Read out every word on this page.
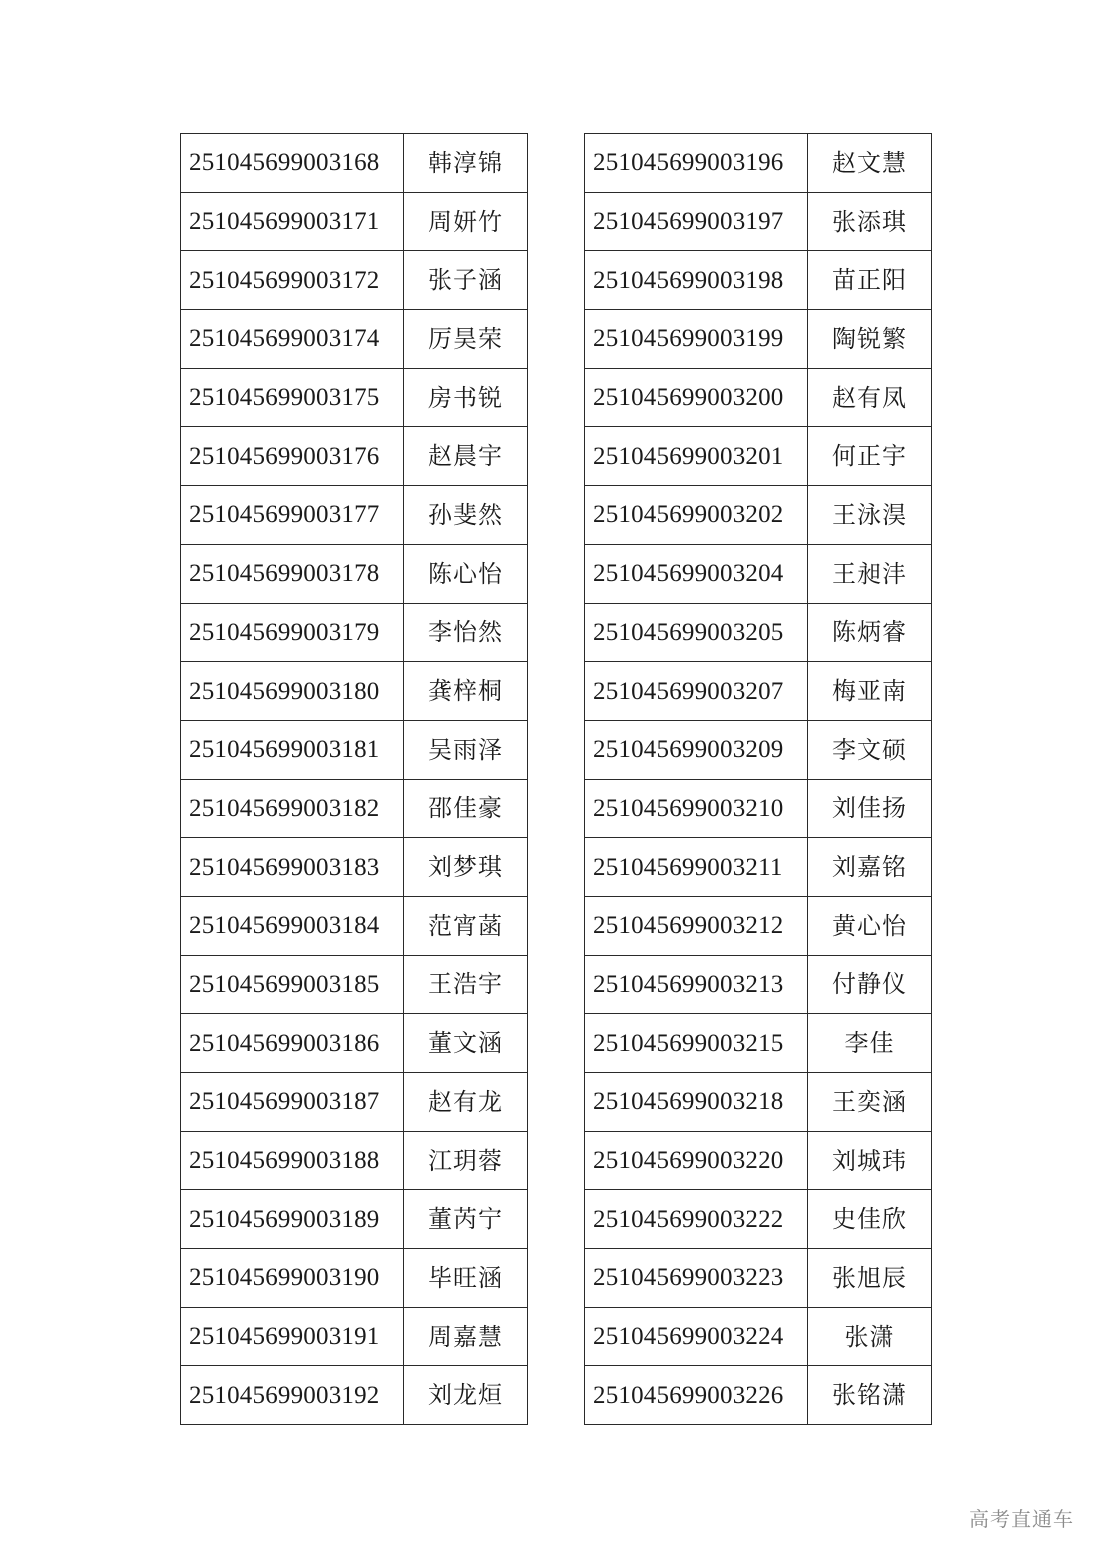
251045699003168	韩淳锦
251045699003171	周妍竹
251045699003172	张子涵
251045699003174	厉昊荣
251045699003175	房书锐
251045699003176	赵晨宇
251045699003177	孙斐然
251045699003178	陈心怡
251045699003179	李怡然
251045699003180	龚梓桐
251045699003181	吴雨泽
251045699003182	邵佳豪
251045699003183	刘梦琪
251045699003184	范宵菡
251045699003185	王浩宇
251045699003186	董文涵
251045699003187	赵有龙
251045699003188	江玥蓉
251045699003189	董芮宁
251045699003190	毕旺涵
251045699003191	周嘉慧
251045699003192	刘龙烜
251045699003196	赵文慧
251045699003197	张添琪
251045699003198	苗正阳
251045699003199	陶锐繁
251045699003200	赵有凤
251045699003201	何正宇
251045699003202	王泳淏
251045699003204	王昶沣
251045699003205	陈炳睿
251045699003207	梅亚南
251045699003209	李文硕
251045699003210	刘佳扬
251045699003211	刘嘉铭
251045699003212	黄心怡
251045699003213	付静仪
251045699003215	李佳
251045699003218	王奕涵
251045699003220	刘城玮
251045699003222	史佳欣
251045699003223	张旭辰
251045699003224	张潇
251045699003226	张铭潇
高考直通车
